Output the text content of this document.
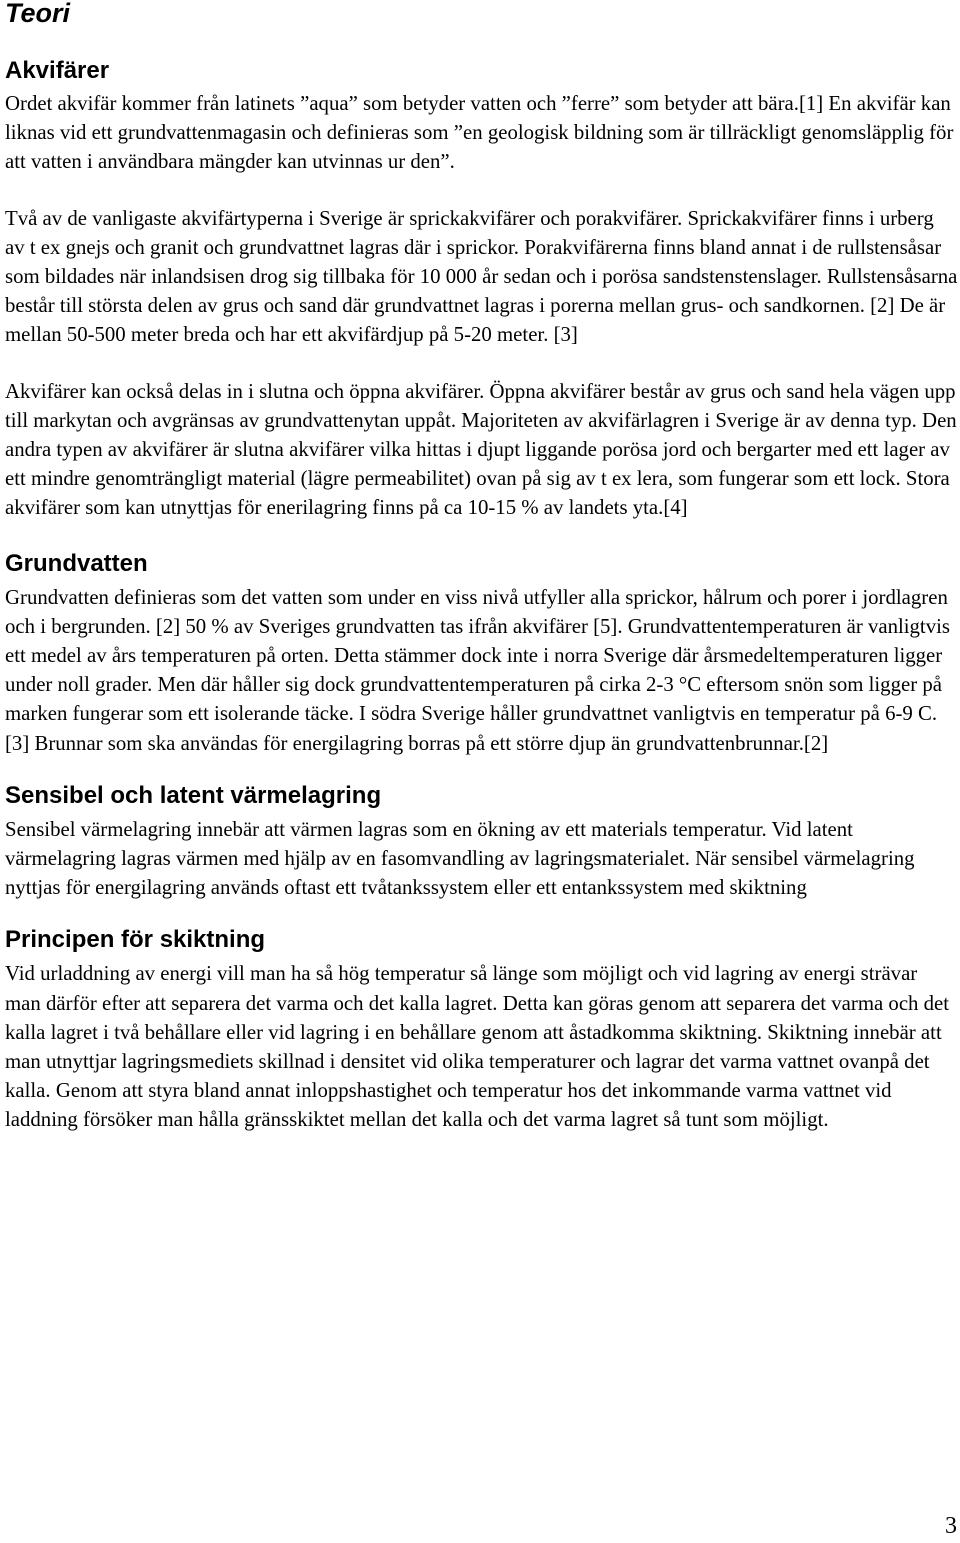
Teori
Akvifärer

Ordet akvifär kommer från latinets ”aqua” som betyder vatten och ”ferre” som betyder att bära.[1] En akvifär kan liknas vid ett grundvattenmagasin och definieras som ”en geologisk bildning som är tillräckligt genomsläpplig för att vatten i användbara mängder kan utvinnas ur den”.

Två av de vanligaste akvifärtyperna i Sverige är sprickakvifärer och porakvifärer. Sprickakvifärer finns i urberg av t ex gnejs och granit och grundvattnet lagras där i sprickor. Porakvifärerna finns bland annat i de rullstensåsar som bildades när inlandsisen drog sig tillbaka för 10 000 år sedan och i porösa sandstenstenslager. Rullstensåsarna består till största delen av grus och sand där grundvattnet lagras i porerna mellan grus- och sandkornen. [2] De är mellan 50-500 meter breda och har ett akvifärdjup på 5-20 meter. [3]

Akvifärer kan också delas in i slutna och öppna akvifärer. Öppna akvifärer består av grus och sand hela vägen upp till markytan och avgränsas av grundvattenytan uppåt. Majoriteten av akvifärlagren i Sverige är av denna typ. Den andra typen av akvifärer är slutna akvifärer vilka hittas i djupt liggande porösa jord och bergarter med ett lager av ett mindre genomträngligt material (lägre permeabilitet) ovan på sig av t ex lera, som fungerar som ett lock. Stora akvifärer som kan utnyttjas för enerilagring finns på ca 10-15 % av landets yta.[4]

Grundvatten

Grundvatten definieras som det vatten som under en viss nivå utfyller alla sprickor, hålrum och porer i jordlagren och i bergrunden. [2] 50 % av Sveriges grundvatten tas ifrån akvifärer [5]. Grundvattentemperaturen är vanligtvis ett medel av års temperaturen på orten. Detta stämmer dock inte i norra Sverige där årsmedeltemperaturen ligger under noll grader. Men där håller sig dock grundvattentemperaturen på cirka 2-3 °C eftersom snön som ligger på marken fungerar som ett isolerande täcke. I södra Sverige håller grundvattnet vanligtvis en temperatur på 6-9 C.[3] Brunnar som ska användas för energilagring borras på ett större djup än grundvattenbrunnar.[2]

Sensibel och latent värmelagring

Sensibel värmelagring innebär att värmen lagras som en ökning av ett materials temperatur. Vid latent värmelagring lagras värmen med hjälp av en fasomvandling av lagringsmaterialet. När sensibel värmelagring nyttjas för energilagring används oftast ett tvåtankssystem eller ett entankssystem med skiktning

Principen för skiktning

Vid urladdning av energi vill man ha så hög temperatur så länge som möjligt och vid lagring av energi strävar man därför efter att separera det varma och det kalla lagret. Detta kan göras genom att separera det varma och det kalla lagret i två behållare eller vid lagring i en behållare genom att åstadkomma skiktning. Skiktning innebär att man utnyttjar lagringsmediets skillnad i densitet vid olika temperaturer och lagrar det varma vattnet ovanpå det kalla. Genom att styra bland annat inloppshastighet och temperatur hos det inkommande varma vattnet vid laddning försöker man hålla gränsskiktet mellan det kalla och det varma lagret så tunt som möjligt.

3
